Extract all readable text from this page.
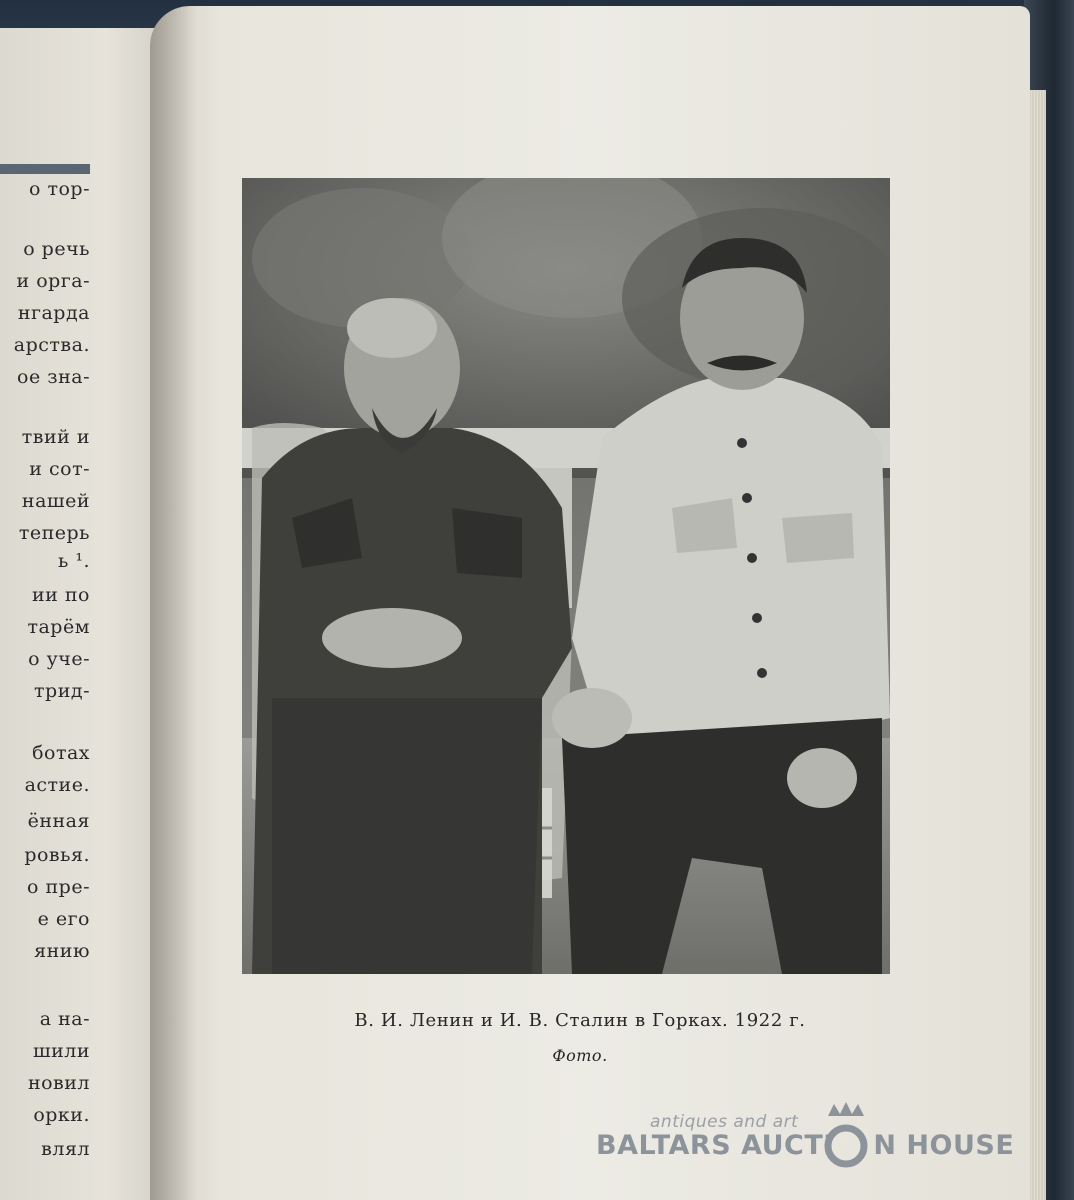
о тор-
о речь
и орга-
нгарда
арства.
ое зна-
твий и
и сот-
нашей
теперь
ь ¹.
ии по
тарём
о уче-
трид-
ботах
астие.
ённая
ровья.
о пре-
е его
янию
а на-
шили
новил
орки.
влял
В. И. Ленин и И. В. Сталин в Горках. 1922 г.
Фото.
antiques and art
BALTARS AUCTI    N HOUSE
